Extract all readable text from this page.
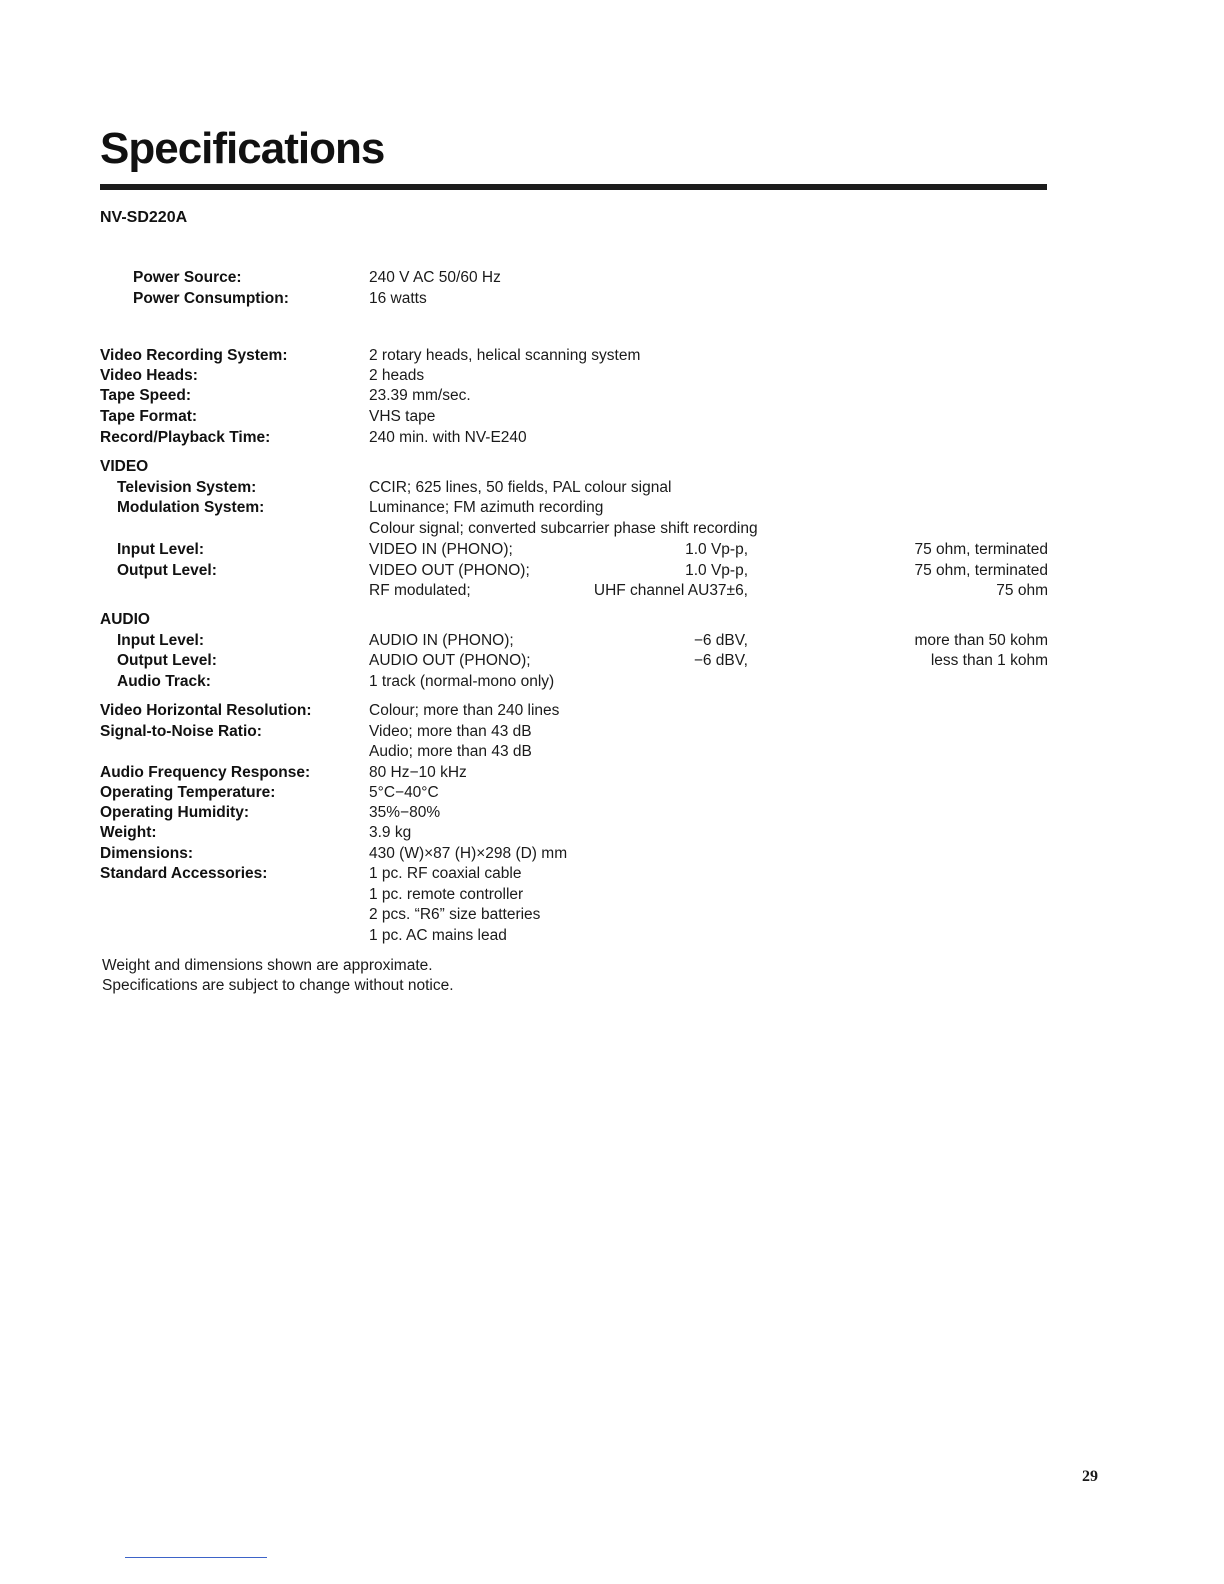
Specifications
NV-SD220A
Power Source:	240 V AC 50/60 Hz
Power Consumption:	16 watts
Video Recording System:	2 rotary heads, helical scanning system
Video Heads:	2 heads
Tape Speed:	23.39 mm/sec.
Tape Format:	VHS tape
Record/Playback Time:	240 min. with NV-E240
VIDEO
Television System:	CCIR; 625 lines, 50 fields, PAL colour signal
Modulation System:	Luminance; FM azimuth recording
Colour signal; converted subcarrier phase shift recording
Input Level:	VIDEO IN (PHONO);	1.0 Vp-p,	75 ohm, terminated
Output Level:	VIDEO OUT (PHONO);	1.0 Vp-p,	75 ohm, terminated
RF modulated;	UHF channel AU37±6,	75 ohm
AUDIO
Input Level:	AUDIO IN (PHONO);	−6 dBV,	more than 50 kohm
Output Level:	AUDIO OUT (PHONO);	−6 dBV,	less than 1 kohm
Audio Track:	1 track (normal-mono only)
Video Horizontal Resolution:	Colour; more than 240 lines
Signal-to-Noise Ratio:	Video; more than 43 dB
Audio; more than 43 dB
Audio Frequency Response:	80 Hz−10 kHz
Operating Temperature:	5°C−40°C
Operating Humidity:	35%−80%
Weight:	3.9 kg
Dimensions:	430 (W)×87 (H)×298 (D) mm
Standard Accessories:	1 pc. RF coaxial cable
1 pc. remote controller
2 pcs. “R6” size batteries
1 pc. AC mains lead
Weight and dimensions shown are approximate.
Specifications are subject to change without notice.
29
